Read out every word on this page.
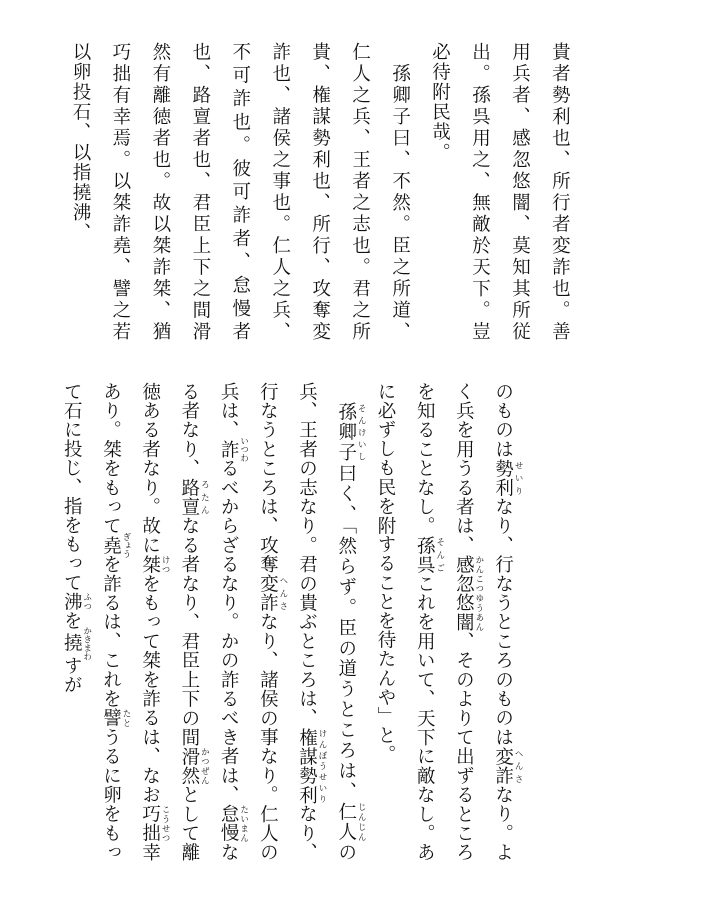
貴者勢利也、所行者変詐也。善用兵者、感忽悠闇、莫知其所従出。孫呉用之、無敵於天下。豈必待附民哉。
　孫卿子曰、不然。臣之所道、仁人之兵、王者之志也。君之所貴、権謀勢利也、所行、攻奪変詐也、諸侯之事也。仁人之兵、不可詐也。彼可詐者、怠慢者也、路亶者也、君臣上下之間滑然有離徳者也。故以桀詐桀、猶巧拙有幸焉。以桀詐堯、譬之若以卵投石、以指撓沸、
のものは勢利 せいりなり、行なうところのものは変詐 へんさなり。よく兵を用うる者は、感忽悠闇 かんこつゆうあん、そのよりて出ずるところを知ることなし。孫呉 そんごこれを用いて、天下に敵なし。あに必ずしも民を附することを待たんや」と。
　孫卿子 そんけいし曰く、「然らず。臣の道うところは、仁人 じんじんの兵、王者の志なり。君の貴ぶところは、権謀勢利 けんぼうせいりなり、行なうところは、攻奪変詐 へんさなり、諸侯の事なり。仁人の兵は、詐 いつわるべからざるなり。かの詐るべき者は、怠慢 たいまんなる者なり、路亶 ろたんなる者なり、君臣上下の間滑然 かつぜんとして離徳ある者なり。故に桀 けつをもって桀を詐るは、なお巧拙 こうせつ幸あり。桀をもって堯 ぎょうを詐るは、これを譬 たとうるに卵をもって石に投じ、指をもって沸 ふつを撓 かきまわすが
